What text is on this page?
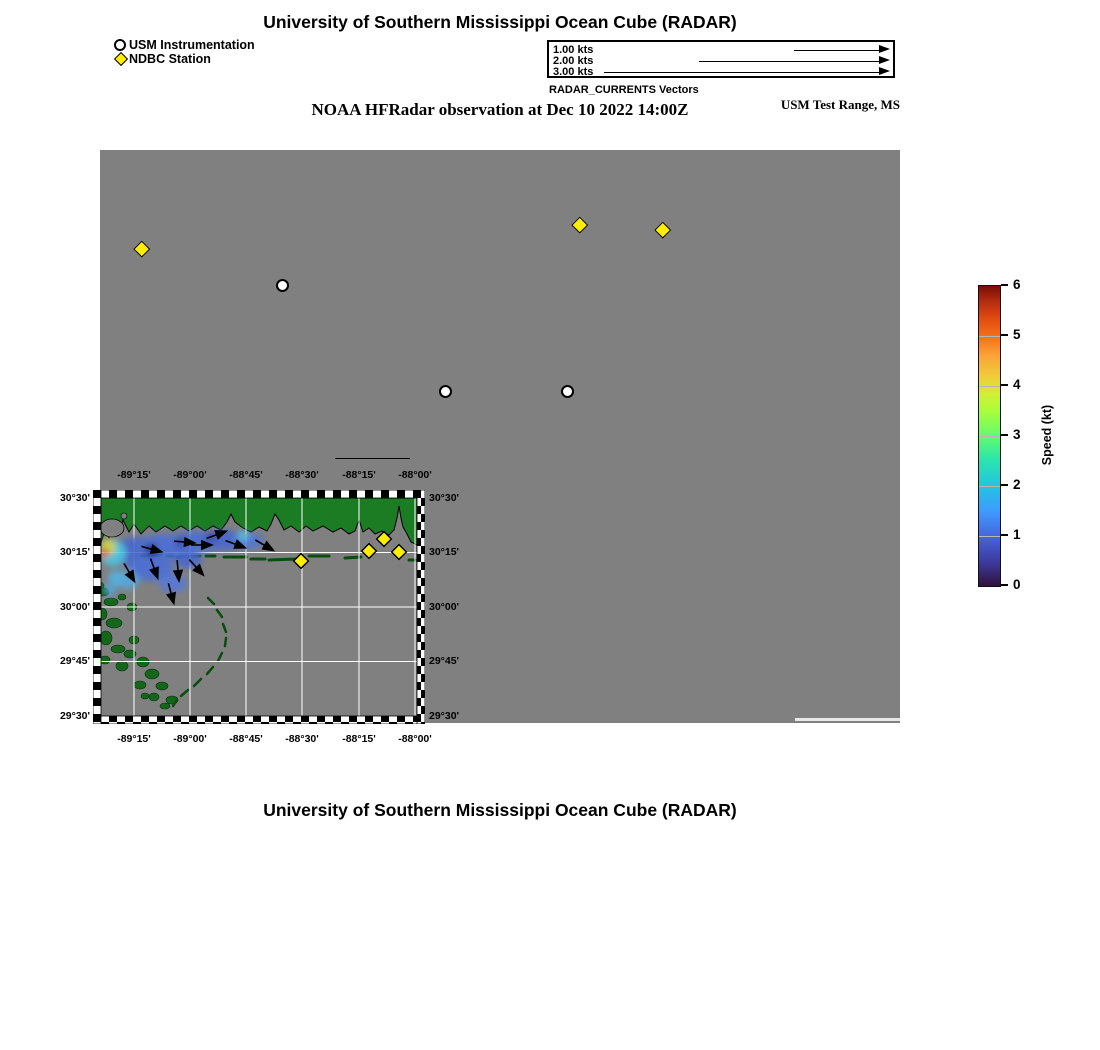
University of Southern Mississippi Ocean Cube (RADAR)
USM Instrumentation
NDBC Station
1.00 kts
2.00 kts
3.00 kts
RADAR_CURRENTS Vectors
NOAA HFRadar observation at Dec 10 2022 14:00Z	USM Test Range, MS
-89°15'
-89°15'
-89°00'
-89°00'
-88°45'
-88°45'
-88°30'
-88°30'
-88°15'
-88°15'
-88°00'
-88°00'
30°30'	30°30'
30°15'	30°15'
30°00'	30°00'
29°45'	29°45'
29°30'	29°30'
6
5
4
3
2
1
0
Speed (kt)
University of Southern Mississippi Ocean Cube (RADAR)
